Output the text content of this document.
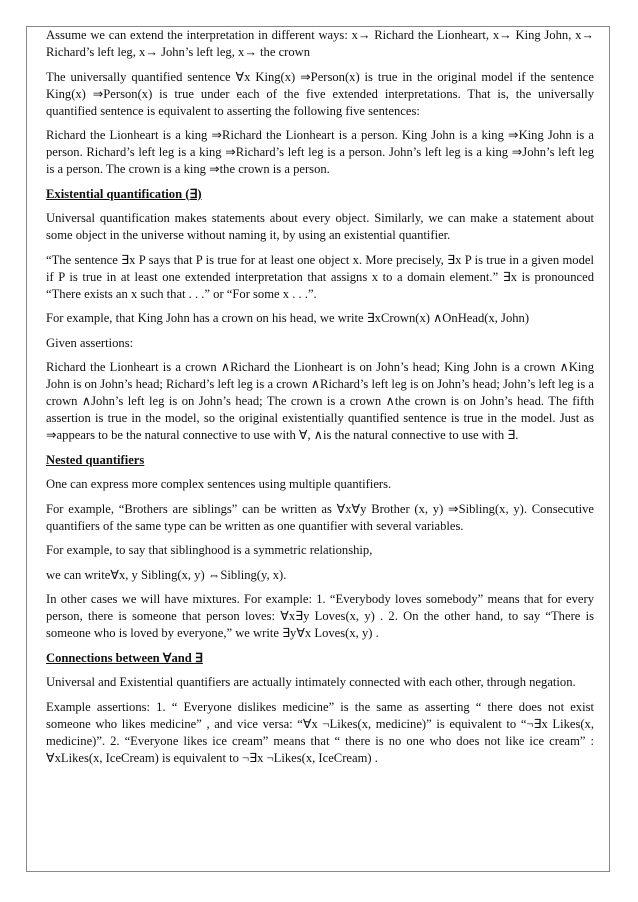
Assume we can extend the interpretation in different ways: x→ Richard the Lionheart, x→ King John, x→ Richard’s left leg, x→ John’s left leg, x→ the crown

The universally quantified sentence ∀x King(x) ⇒Person(x) is true in the original model if the sentence King(x) ⇒Person(x) is true under each of the five extended interpretations. That is, the universally quantified sentence is equivalent to asserting the following five sentences:

Richard the Lionheart is a king ⇒Richard the Lionheart is a person. King John is a king ⇒King John is a person. Richard’s left leg is a king ⇒Richard’s left leg is a person. John’s left leg is a king ⇒John’s left leg is a person. The crown is a king ⇒the crown is a person.

Existential quantification (∃)

Universal quantification makes statements about every object. Similarly, we can make a statement about some object in the universe without naming it, by using an existential quantifier.

“The sentence ∃x P says that P is true for at least one object x. More precisely, ∃x P is true in a given model if P is true in at least one extended interpretation that assigns x to a domain element.” ∃x is pronounced “There exists an x such that . . .” or “For some x . . .”.

For example, that King John has a crown on his head, we write ∃xCrown(x) ∧OnHead(x, John)

Given assertions:

Richard the Lionheart is a crown ∧Richard the Lionheart is on John’s head; King John is a crown ∧King John is on John’s head; Richard’s left leg is a crown ∧Richard’s left leg is on John’s head; John’s left leg is a crown ∧John’s left leg is on John’s head; The crown is a crown ∧the crown is on John’s head. The fifth assertion is true in the model, so the original existentially quantified sentence is true in the model. Just as ⇒appears to be the natural connective to use with ∀, ∧is the natural connective to use with ∃.

Nested quantifiers

One can express more complex sentences using multiple quantifiers.

For example, “Brothers are siblings” can be written as ∀x∀y Brother (x, y) ⇒Sibling(x, y). Consecutive quantifiers of the same type can be written as one quantifier with several variables.

For example, to say that siblinghood is a symmetric relationship,

we can write∀x, y Sibling(x, y) ⇔Sibling(y, x).

In other cases we will have mixtures. For example: 1. “Everybody loves somebody” means that for every person, there is someone that person loves: ∀x∃y Loves(x, y) . 2. On the other hand, to say “There is someone who is loved by everyone,” we write ∃y∀x Loves(x, y) .

Connections between ∀and ∃

Universal and Existential quantifiers are actually intimately connected with each other, through negation.

Example assertions: 1. “ Everyone dislikes medicine” is the same as asserting “ there does not exist someone who likes medicine” , and vice versa: “∀x ¬Likes(x, medicine)” is equivalent to “¬∃x Likes(x, medicine)”. 2. “Everyone likes ice cream” means that “ there is no one who does not like ice cream” : ∀xLikes(x, IceCream) is equivalent to ¬∃x ¬Likes(x, IceCream) .
